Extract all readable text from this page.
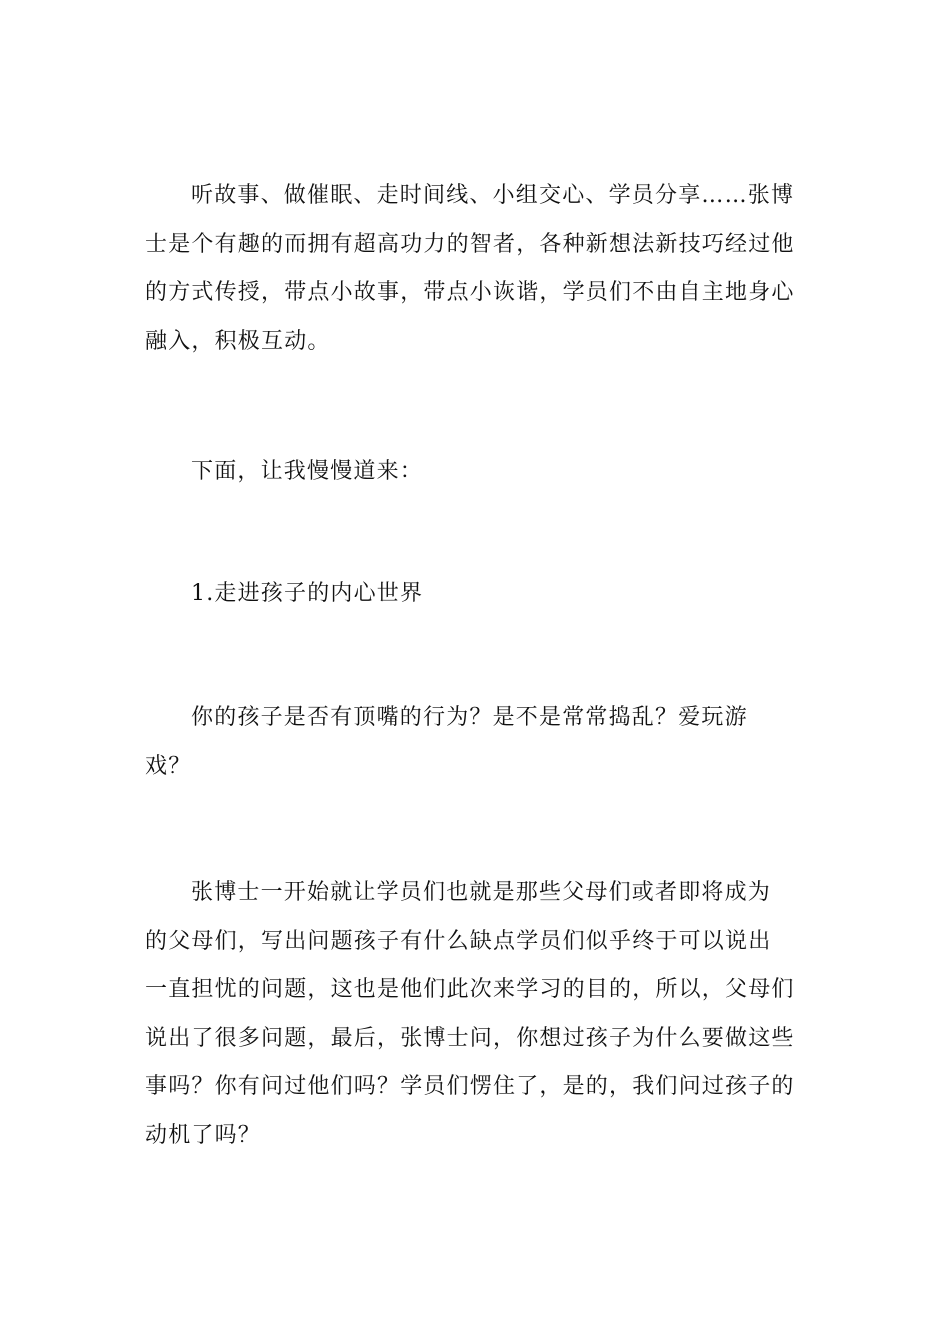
听故事、做催眠、走时间线、小组交心、学员分享……张博
士是个有趣的而拥有超高功力的智者，各种新想法新技巧经过他
的方式传授，带点小故事，带点小诙谐，学员们不由自主地身心
融入，积极互动。
下面，让我慢慢道来：
1.走进孩子的内心世界
你的孩子是否有顶嘴的行为？是不是常常捣乱？爱玩游
戏？
张博士一开始就让学员们也就是那些父母们或者即将成为
的父母们，写出问题孩子有什么缺点学员们似乎终于可以说出
一直担忧的问题，这也是他们此次来学习的目的，所以，父母们
说出了很多问题，最后，张博士问，你想过孩子为什么要做这些
事吗？你有问过他们吗？学员们愣住了，是的，我们问过孩子的
动机了吗？
